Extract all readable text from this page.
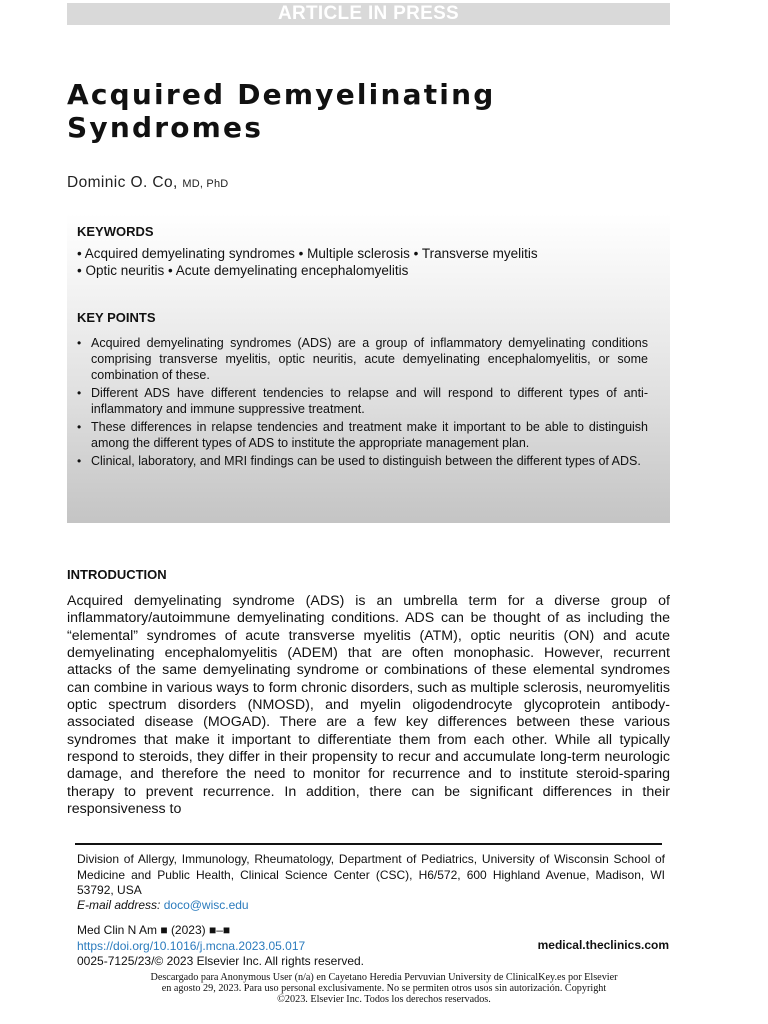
ARTICLE IN PRESS
Acquired Demyelinating
Syndromes
Dominic O. Co, MD, PhD
KEYWORDS
• Acquired demyelinating syndromes • Multiple sclerosis • Transverse myelitis
• Optic neuritis • Acute demyelinating encephalomyelitis
KEY POINTS
• Acquired demyelinating syndromes (ADS) are a group of inflammatory demyelinating conditions comprising transverse myelitis, optic neuritis, acute demyelinating encephalomyelitis, or some combination of these.
• Different ADS have different tendencies to relapse and will respond to different types of anti-inflammatory and immune suppressive treatment.
• These differences in relapse tendencies and treatment make it important to be able to distinguish among the different types of ADS to institute the appropriate management plan.
• Clinical, laboratory, and MRI findings can be used to distinguish between the different types of ADS.
INTRODUCTION

Acquired demyelinating syndrome (ADS) is an umbrella term for a diverse group of inflammatory/autoimmune demyelinating conditions. ADS can be thought of as including the “elemental” syndromes of acute transverse myelitis (ATM), optic neuritis (ON) and acute demyelinating encephalomyelitis (ADEM) that are often monophasic. However, recurrent attacks of the same demyelinating syndrome or combinations of these elemental syndromes can combine in various ways to form chronic disorders, such as multiple sclerosis, neuromyelitis optic spectrum disorders (NMOSD), and myelin oligodendrocyte glycoprotein antibody-associated disease (MOGAD). There are a few key differences between these various syndromes that make it important to differentiate them from each other. While all typically respond to steroids, they differ in their propensity to recur and accumulate long-term neurologic damage, and therefore the need to monitor for recurrence and to institute steroid-sparing therapy to prevent recurrence. In addition, there can be significant differences in their responsiveness to

Division of Allergy, Immunology, Rheumatology, Department of Pediatrics, University of Wisconsin School of Medicine and Public Health, Clinical Science Center (CSC), H6/572, 600 Highland Avenue, Madison, WI 53792, USA

E-mail address: doco@wisc.edu
Med Clin N Am ■ (2023) ■–■
https://doi.org/10.1016/j.mcna.2023.05.017
0025-7125/23/© 2023 Elsevier Inc. All rights reserved.
medical.theclinics.com

Descargado para Anonymous User (n/a) en Cayetano Heredia Pervuvian University de ClinicalKey.es por Elsevier en agosto 29, 2023. Para uso personal exclusivamente. No se permiten otros usos sin autorización. Copyright ©2023. Elsevier Inc. Todos los derechos reservados.
